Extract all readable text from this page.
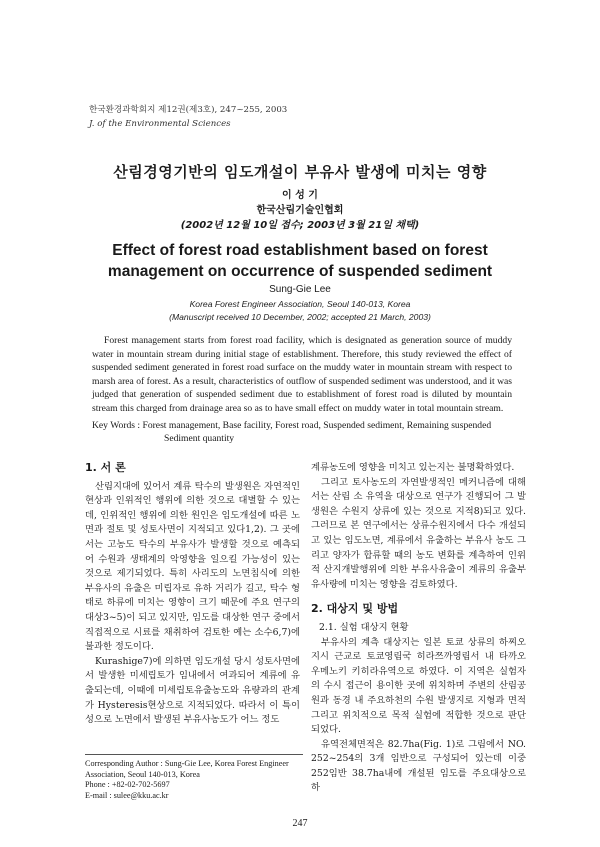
한국환경과학회지 제12권(제3호), 247~255, 2003
J. of the Environmental Sciences
산림경영기반의 임도개설이 부유사 발생에 미치는 영향
이 성 기
한국산림기술인협회
(2002년 12월 10일 접수; 2003년 3월 21일 채택)
Effect of forest road establishment based on forest
management on occurrence of suspended sediment
Sung-Gie Lee
Korea Forest Engineer Association, Seoul 140-013, Korea
(Manuscript received 10 December, 2002; accepted 21 March, 2003)
Forest management starts from forest road facility, which is designated as generation source of muddy water in mountain stream during initial stage of establishment. Therefore, this study reviewed the effect of suspended sediment generated in forest road surface on the muddy water in mountain stream with respect to marsh area of forest. As a result, characteristics of outflow of suspended sediment was understood, and it was judged that generation of suspended sediment due to establishment of forest road is diluted by mountain stream this charged from drainage area so as to have small effect on muddy water in total mountain stream.
Key Words : Forest management, Base facility, Forest road, Suspended sediment, Remaining suspended Sediment quantity
1. 서 론

산림지대에 있어서 계류 탁수의 발생원은 자연적인 현상과 인위적인 행위에 의한 것으로 대별할 수 있는데, 인위적인 행위에 의한 원인은 임도개설에 따른 노면과 절토 및 성토사면이 지적되고 있다1,2). 그 곳에서는 고농도 탁수의 부유사가 발생할 것으로 예측되어 수원과 생태계의 악영향을 일으킬 가능성이 있는 것으로 제기되었다. 특히 사리도의 노면침식에 의한 부유사의 유출은 미립자로 유하 거리가 길고, 탁수 형태로 하류에 미치는 영향이 크기 때문에 주요 연구의 대상3~5)이 되고 있지만, 임도를 대상한 연구 중에서 직접적으로 시료를 채취하여 검토한 예는 소수6,7)에 불과한 정도이다.

Kurashige7)에 의하면 임도개설 당시 성토사면에서 발생한 미세립토가 임내에서 여과되어 계류에 유출되는데, 이때에 미세립토유출농도와 유량과의 관계가 Hysteresis현상으로 지적되었다. 따라서 이 특이성으로 노면에서 발생된 부유사농도가 어느 정도

계류농도에 영향을 미치고 있는지는 불명확하였다.

그리고 토사농도의 자연발생적인 메커니즘에 대해서는 산림 소 유역을 대상으로 연구가 진행되어 그 발생원은 수원지 상류에 있는 것으로 지적8)되고 있다. 그러므로 본 연구에서는 상류수원지에서 다수 개설되고 있는 임도노면, 계류에서 유출하는 부유사 농도 그리고 양자가 합류할 때의 농도 변화를 계측하여 인위적 산지개발행위에 의한 부유사유출이 계류의 유출부유사량에 미치는 영향을 검토하였다.

2. 대상지 및 방법
2.1. 실험 대상지 현황

부유사의 계측 대상지는 일본 토쿄 상류의 하찌오지시 근교로 토쿄영림국 히라쯔까영림서 내 타까오 우메노키 키히라유역으로 하였다. 이 지역은 실험자의 수시 접근이 용이한 곳에 위치하며 주변의 산림공원과 동경 내 주요하천의 수원 발생지로 지형과 면적 그리고 위치적으로 목적 실험에 적합한 것으로 판단되었다.

유역전체면적은 82.7ha(Fig. 1)로 그림에서 NO. 252~254의 3개 임반으로 구성되어 있는데 이중 252임반 38.7ha내에 개설된 임도를 주요대상으로 하

Corresponding Author : Sung-Gie Lee, Korea Forest Engineer Association, Seoul 140-013, Korea
Phone : +82-02-702-5697
E-mail : sulee@kku.ac.kr
247
